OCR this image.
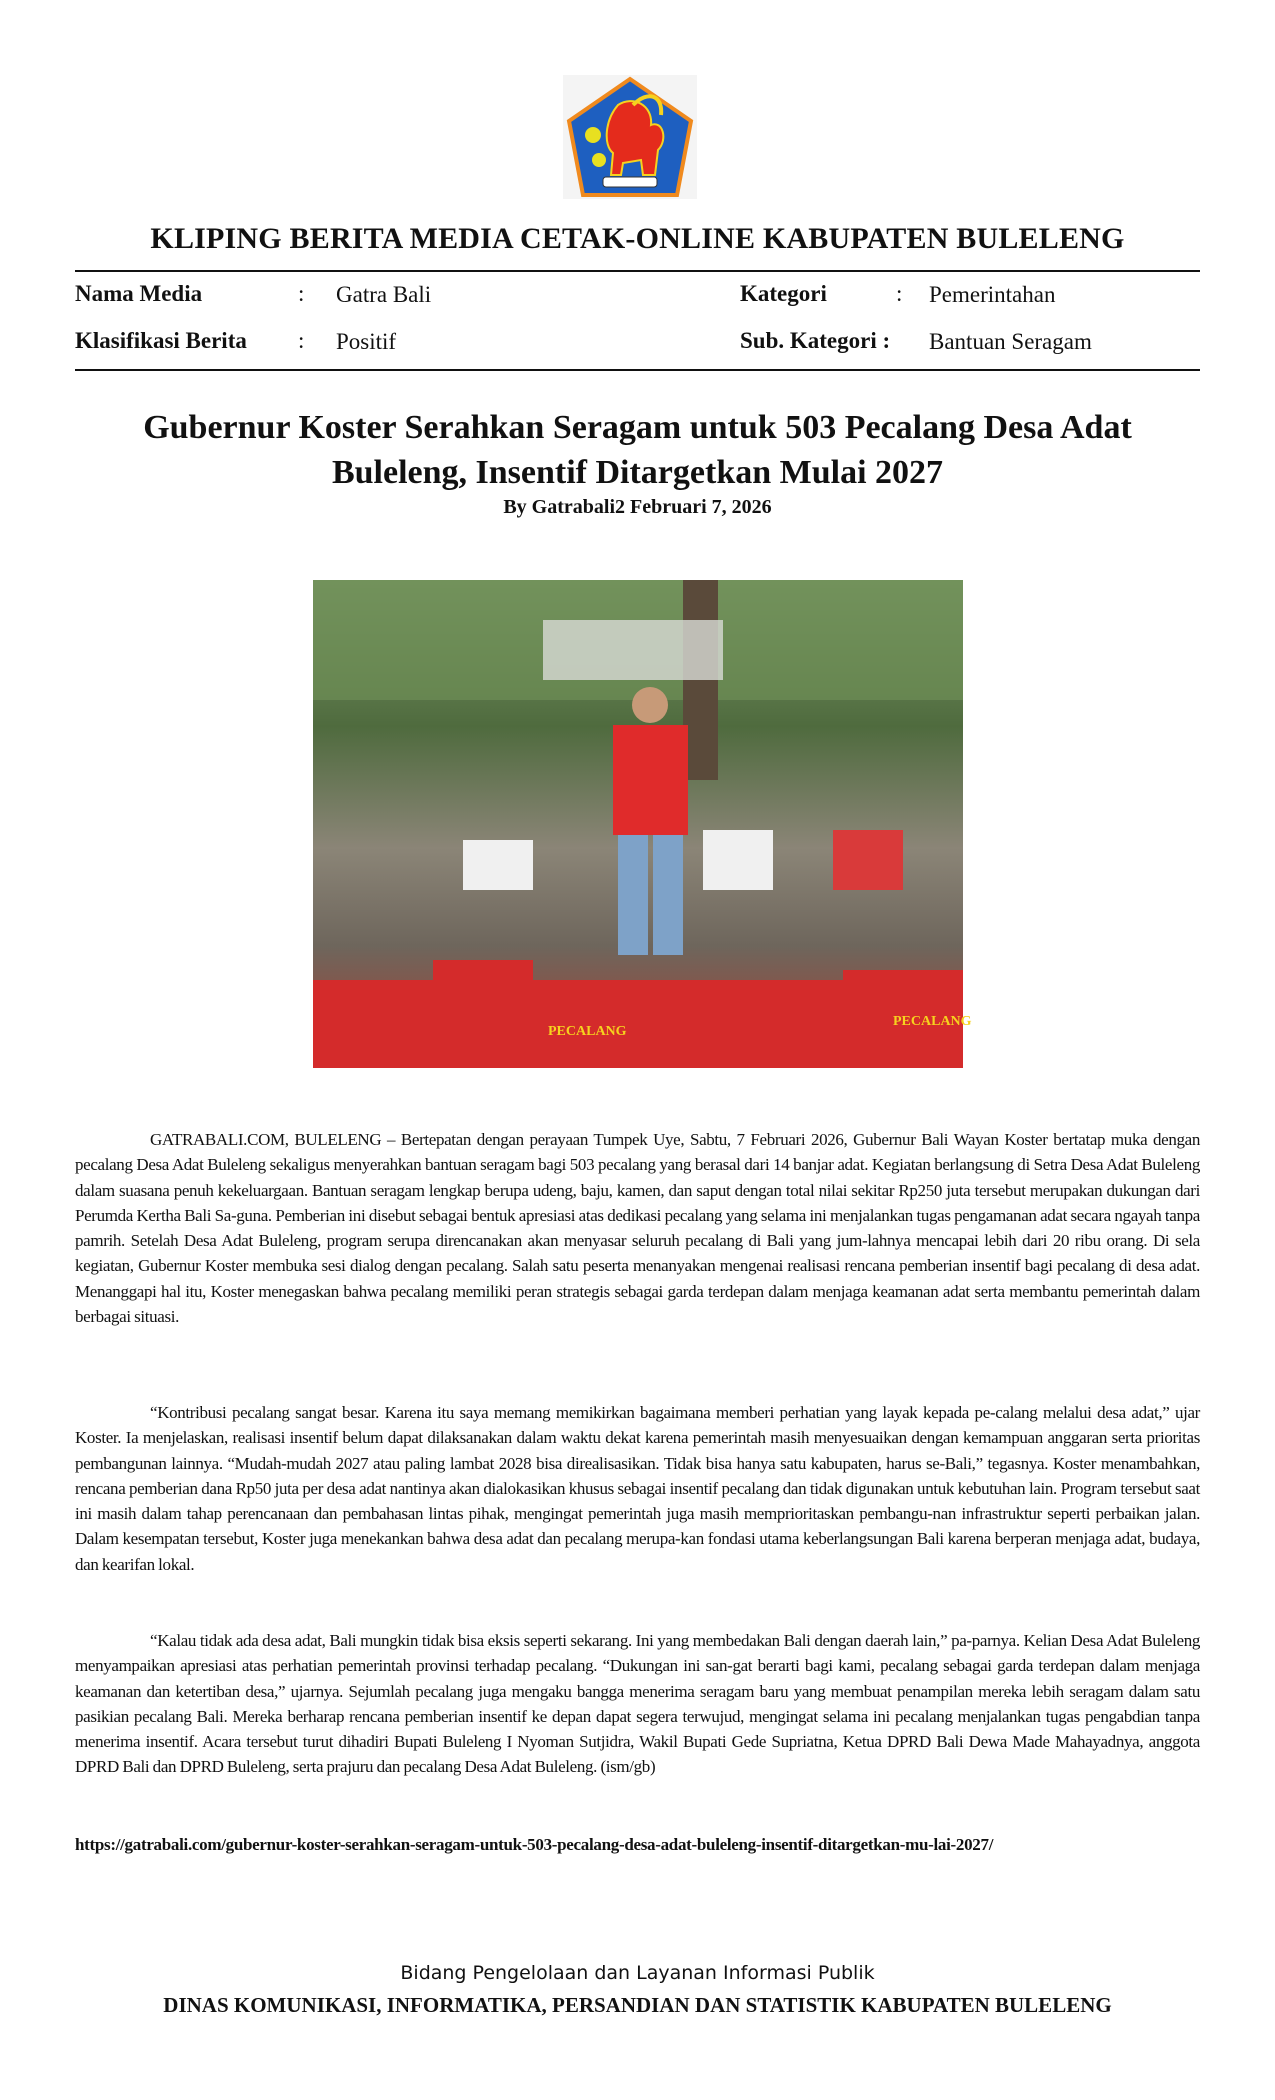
KLIPING BERITA MEDIA CETAK-ONLINE KABUPATEN BULELENG
Nama Media	: Gatra Bali	Kategori	: Pemerintahan
Klasifikasi Berita : Positif	Sub. Kategori : Bantuan Seragam
Gubernur Koster Serahkan Seragam untuk 503 Pecalang Desa Adat Buleleng, Insentif Ditargetkan Mulai 2027
By Gatrabali2 Februari 7, 2026
PECALANG
PECALANG

GATRABALI.COM, BULELENG – Bertepatan dengan perayaan Tumpek Uye, Sabtu, 7 Februari 2026, Gubernur Bali Wayan Koster bertatap muka dengan pecalang Desa Adat Buleleng sekaligus menyerahkan bantuan seragam bagi 503 pecalang yang berasal dari 14 banjar adat. Kegiatan berlangsung di Setra Desa Adat Buleleng dalam suasana penuh kekeluargaan. Bantuan seragam lengkap berupa udeng, baju, kamen, dan saput dengan total nilai sekitar Rp250 juta tersebut merupakan dukungan dari Perumda Kertha Bali Sa-guna. Pemberian ini disebut sebagai bentuk apresiasi atas dedikasi pecalang yang selama ini menjalankan tugas pengamanan adat secara ngayah tanpa pamrih. Setelah Desa Adat Buleleng, program serupa direncanakan akan menyasar seluruh pecalang di Bali yang jum-lahnya mencapai lebih dari 20 ribu orang. Di sela kegiatan, Gubernur Koster membuka sesi dialog dengan pecalang. Salah satu peserta menanyakan mengenai realisasi rencana pemberian insentif bagi pecalang di desa adat. Menanggapi hal itu, Koster menegaskan bahwa pecalang memiliki peran strategis sebagai garda terdepan dalam menjaga keamanan adat serta membantu pemerintah dalam berbagai situasi.

“Kontribusi pecalang sangat besar. Karena itu saya memang memikirkan bagaimana memberi perhatian yang layak kepada pe-calang melalui desa adat,” ujar Koster. Ia menjelaskan, realisasi insentif belum dapat dilaksanakan dalam waktu dekat karena pemerintah masih menyesuaikan dengan kemampuan anggaran serta prioritas pembangunan lainnya. “Mudah-mudah 2027 atau paling lambat 2028 bisa direalisasikan. Tidak bisa hanya satu kabupaten, harus se-Bali,” tegasnya. Koster menambahkan, rencana pemberian dana Rp50 juta per desa adat nantinya akan dialokasikan khusus sebagai insentif pecalang dan tidak digunakan untuk kebutuhan lain. Program tersebut saat ini masih dalam tahap perencanaan dan pembahasan lintas pihak, mengingat pemerintah juga masih memprioritaskan pembangu-nan infrastruktur seperti perbaikan jalan. Dalam kesempatan tersebut, Koster juga menekankan bahwa desa adat dan pecalang merupa-kan fondasi utama keberlangsungan Bali karena berperan menjaga adat, budaya, dan kearifan lokal.

“Kalau tidak ada desa adat, Bali mungkin tidak bisa eksis seperti sekarang. Ini yang membedakan Bali dengan daerah lain,” pa-parnya. Kelian Desa Adat Buleleng menyampaikan apresiasi atas perhatian pemerintah provinsi terhadap pecalang. “Dukungan ini san-gat berarti bagi kami, pecalang sebagai garda terdepan dalam menjaga keamanan dan ketertiban desa,” ujarnya. Sejumlah pecalang juga mengaku bangga menerima seragam baru yang membuat penampilan mereka lebih seragam dalam satu pasikian pecalang Bali. Mereka berharap rencana pemberian insentif ke depan dapat segera terwujud, mengingat selama ini pecalang menjalankan tugas pengabdian tanpa menerima insentif. Acara tersebut turut dihadiri Bupati Buleleng I Nyoman Sutjidra, Wakil Bupati Gede Supriatna, Ketua DPRD Bali Dewa Made Mahayadnya, anggota DPRD Bali dan DPRD Buleleng, serta prajuru dan pecalang Desa Adat Buleleng. (ism/gb)

https://gatrabali.com/gubernur-koster-serahkan-seragam-untuk-503-pecalang-desa-adat-buleleng-insentif-ditargetkan-mu-lai-2027/
Bidang Pengelolaan dan Layanan Informasi Publik
DINAS KOMUNIKASI, INFORMATIKA, PERSANDIAN DAN STATISTIK KABUPATEN BULELENG
